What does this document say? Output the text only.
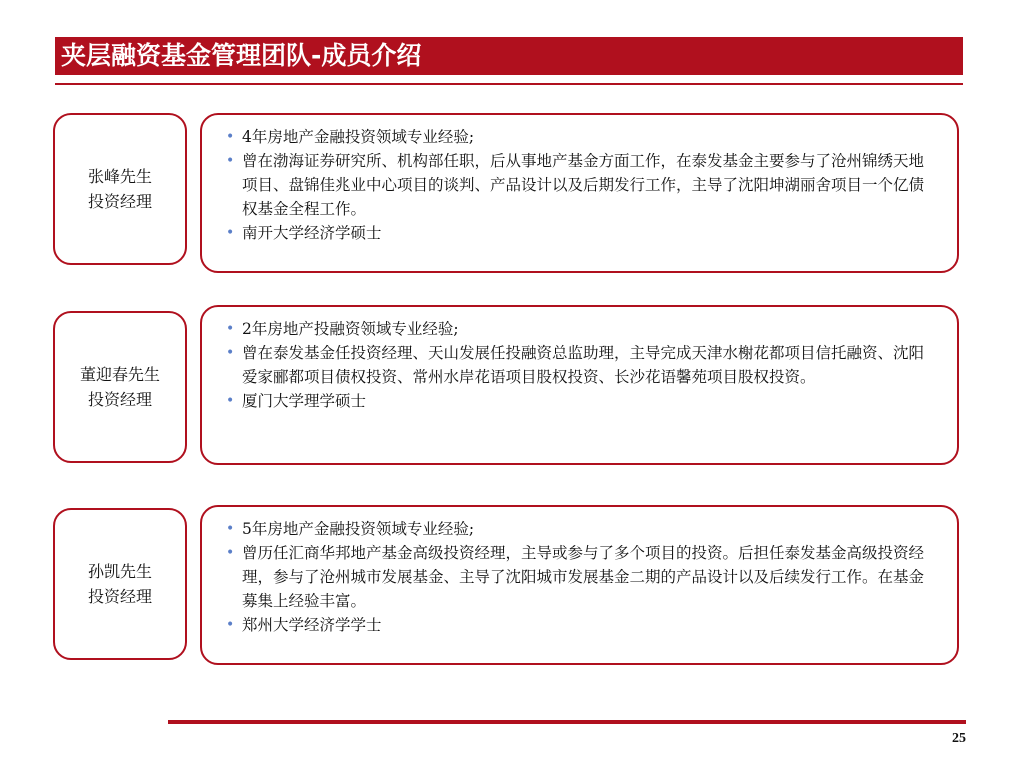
夹层融资基金管理团队-成员介绍
张峰先生
投资经理
• 4年房地产金融投资领域专业经验;
• 曾在渤海证券研究所、机构部任职，后从事地产基金方面工作，在泰发基金主要参与了沧州锦绣天地项目、盘锦佳兆业中心项目的谈判、产品设计以及后期发行工作，主导了沈阳坤湖丽舍项目一个亿债权基金全程工作。
• 南开大学经济学硕士
董迎春先生
投资经理
• 2年房地产投融资领域专业经验;
• 曾在泰发基金任投资经理、天山发展任投融资总监助理，主导完成天津水榭花都项目信托融资、沈阳爱家郦都项目债权投资、常州水岸花语项目股权投资、长沙花语馨苑项目股权投资。
• 厦门大学理学硕士
孙凯先生
投资经理
• 5年房地产金融投资领域专业经验;
• 曾历任汇商华邦地产基金高级投资经理，主导或参与了多个项目的投资。后担任泰发基金高级投资经理，参与了沧州城市发展基金、主导了沈阳城市发展基金二期的产品设计以及后续发行工作。在基金募集上经验丰富。
• 郑州大学经济学学士
25
